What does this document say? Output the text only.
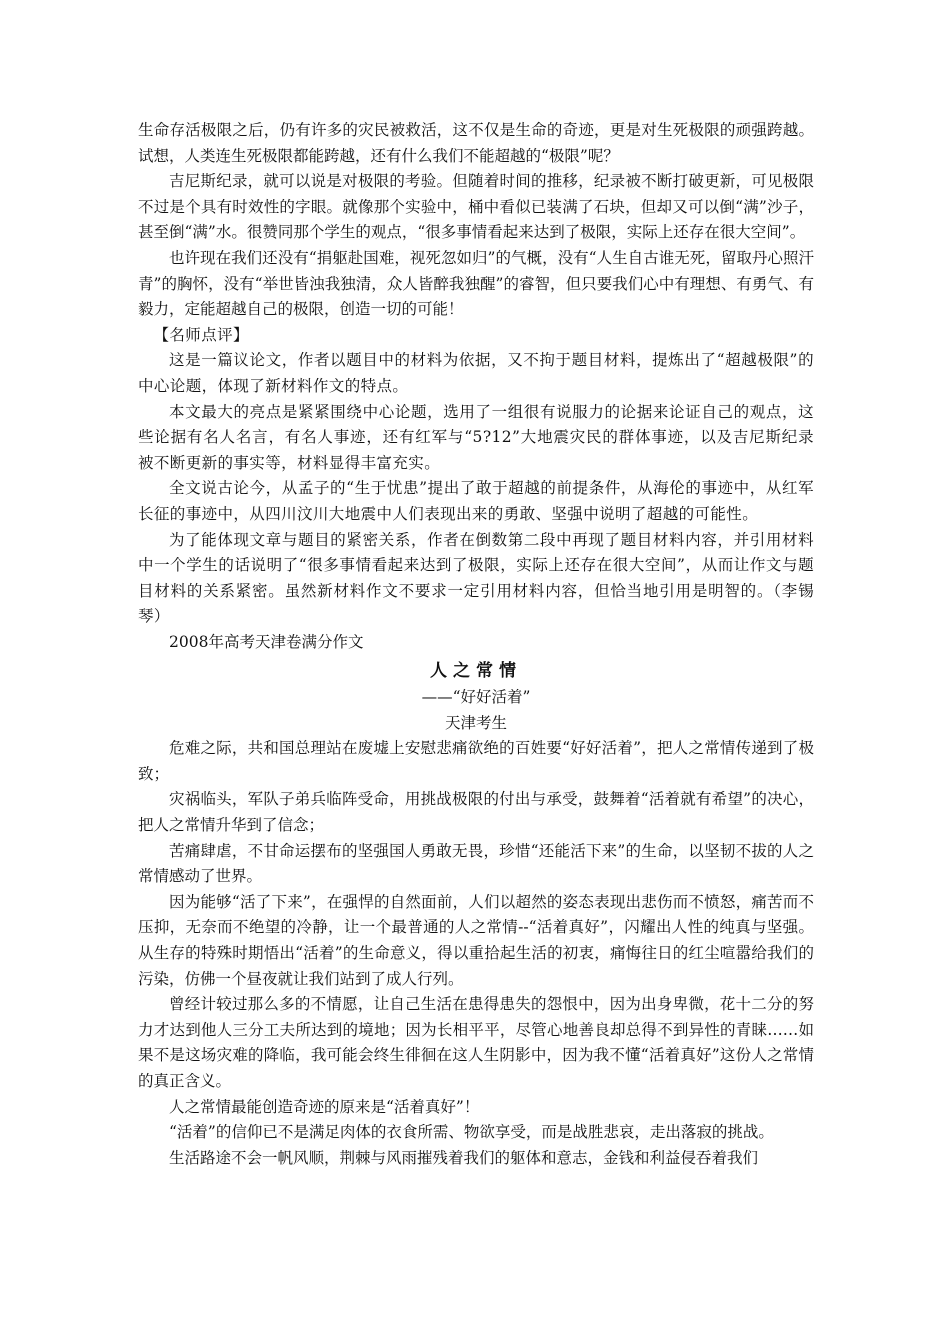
生命存活极限之后，仍有许多的灾民被救活，这不仅是生命的奇迹，更是对生死极限的顽强跨越。试想，人类连生死极限都能跨越，还有什么我们不能超越的“极限”呢？

吉尼斯纪录，就可以说是对极限的考验。但随着时间的推移，纪录被不断打破更新，可见极限不过是个具有时效性的字眼。就像那个实验中，桶中看似已装满了石块，但却又可以倒“满”沙子，甚至倒“满”水。很赞同那个学生的观点，“很多事情看起来达到了极限，实际上还存在很大空间”。

也许现在我们还没有“捐躯赴国难，视死忽如归”的气概，没有“人生自古谁无死，留取丹心照汗青”的胸怀，没有“举世皆浊我独清，众人皆醉我独醒”的睿智，但只要我们心中有理想、有勇气、有毅力，定能超越自己的极限，创造一切的可能！

【名师点评】

这是一篇议论文，作者以题目中的材料为依据，又不拘于题目材料，提炼出了“超越极限”的中心论题，体现了新材料作文的特点。

本文最大的亮点是紧紧围绕中心论题，选用了一组很有说服力的论据来论证自己的观点，这些论据有名人名言，有名人事迹，还有红军与“5?12”大地震灾民的群体事迹，以及吉尼斯纪录被不断更新的事实等，材料显得丰富充实。

全文说古论今，从孟子的“生于忧患”提出了敢于超越的前提条件，从海伦的事迹中，从红军长征的事迹中，从四川汶川大地震中人们表现出来的勇敢、坚强中说明了超越的可能性。

为了能体现文章与题目的紧密关系，作者在倒数第二段中再现了题目材料内容，并引用材料中一个学生的话说明了“很多事情看起来达到了极限，实际上还存在很大空间”，从而让作文与题目材料的关系紧密。虽然新材料作文不要求一定引用材料内容，但恰当地引用是明智的。（李锡琴）

2008年高考天津卷满分作文

人之常情
——“好好活着”
天津考生

危难之际，共和国总理站在废墟上安慰悲痛欲绝的百姓要“好好活着”，把人之常情传递到了极致；

灾祸临头，军队子弟兵临阵受命，用挑战极限的付出与承受，鼓舞着“活着就有希望”的决心，把人之常情升华到了信念；

苦痛肆虐，不甘命运摆布的坚强国人勇敢无畏，珍惜“还能活下来”的生命，以坚韧不拔的人之常情感动了世界。

因为能够“活了下来”，在强悍的自然面前，人们以超然的姿态表现出悲伤而不愤怒，痛苦而不压抑，无奈而不绝望的冷静，让一个最普通的人之常情--“活着真好”，闪耀出人性的纯真与坚强。从生存的特殊时期悟出“活着”的生命意义，得以重拾起生活的初衷，痛悔往日的红尘喧嚣给我们的污染，仿佛一个昼夜就让我们站到了成人行列。

曾经计较过那么多的不情愿，让自己生活在患得患失的怨恨中，因为出身卑微，花十二分的努力才达到他人三分工夫所达到的境地；因为长相平平，尽管心地善良却总得不到异性的青睐……如果不是这场灾难的降临，我可能会终生徘徊在这人生阴影中，因为我不懂“活着真好”这份人之常情的真正含义。

人之常情最能创造奇迹的原来是“活着真好”！

“活着”的信仰已不是满足肉体的衣食所需、物欲享受，而是战胜悲哀，走出落寂的挑战。

生活路途不会一帆风顺，荆棘与风雨摧残着我们的躯体和意志，金钱和利益侵吞着我们
